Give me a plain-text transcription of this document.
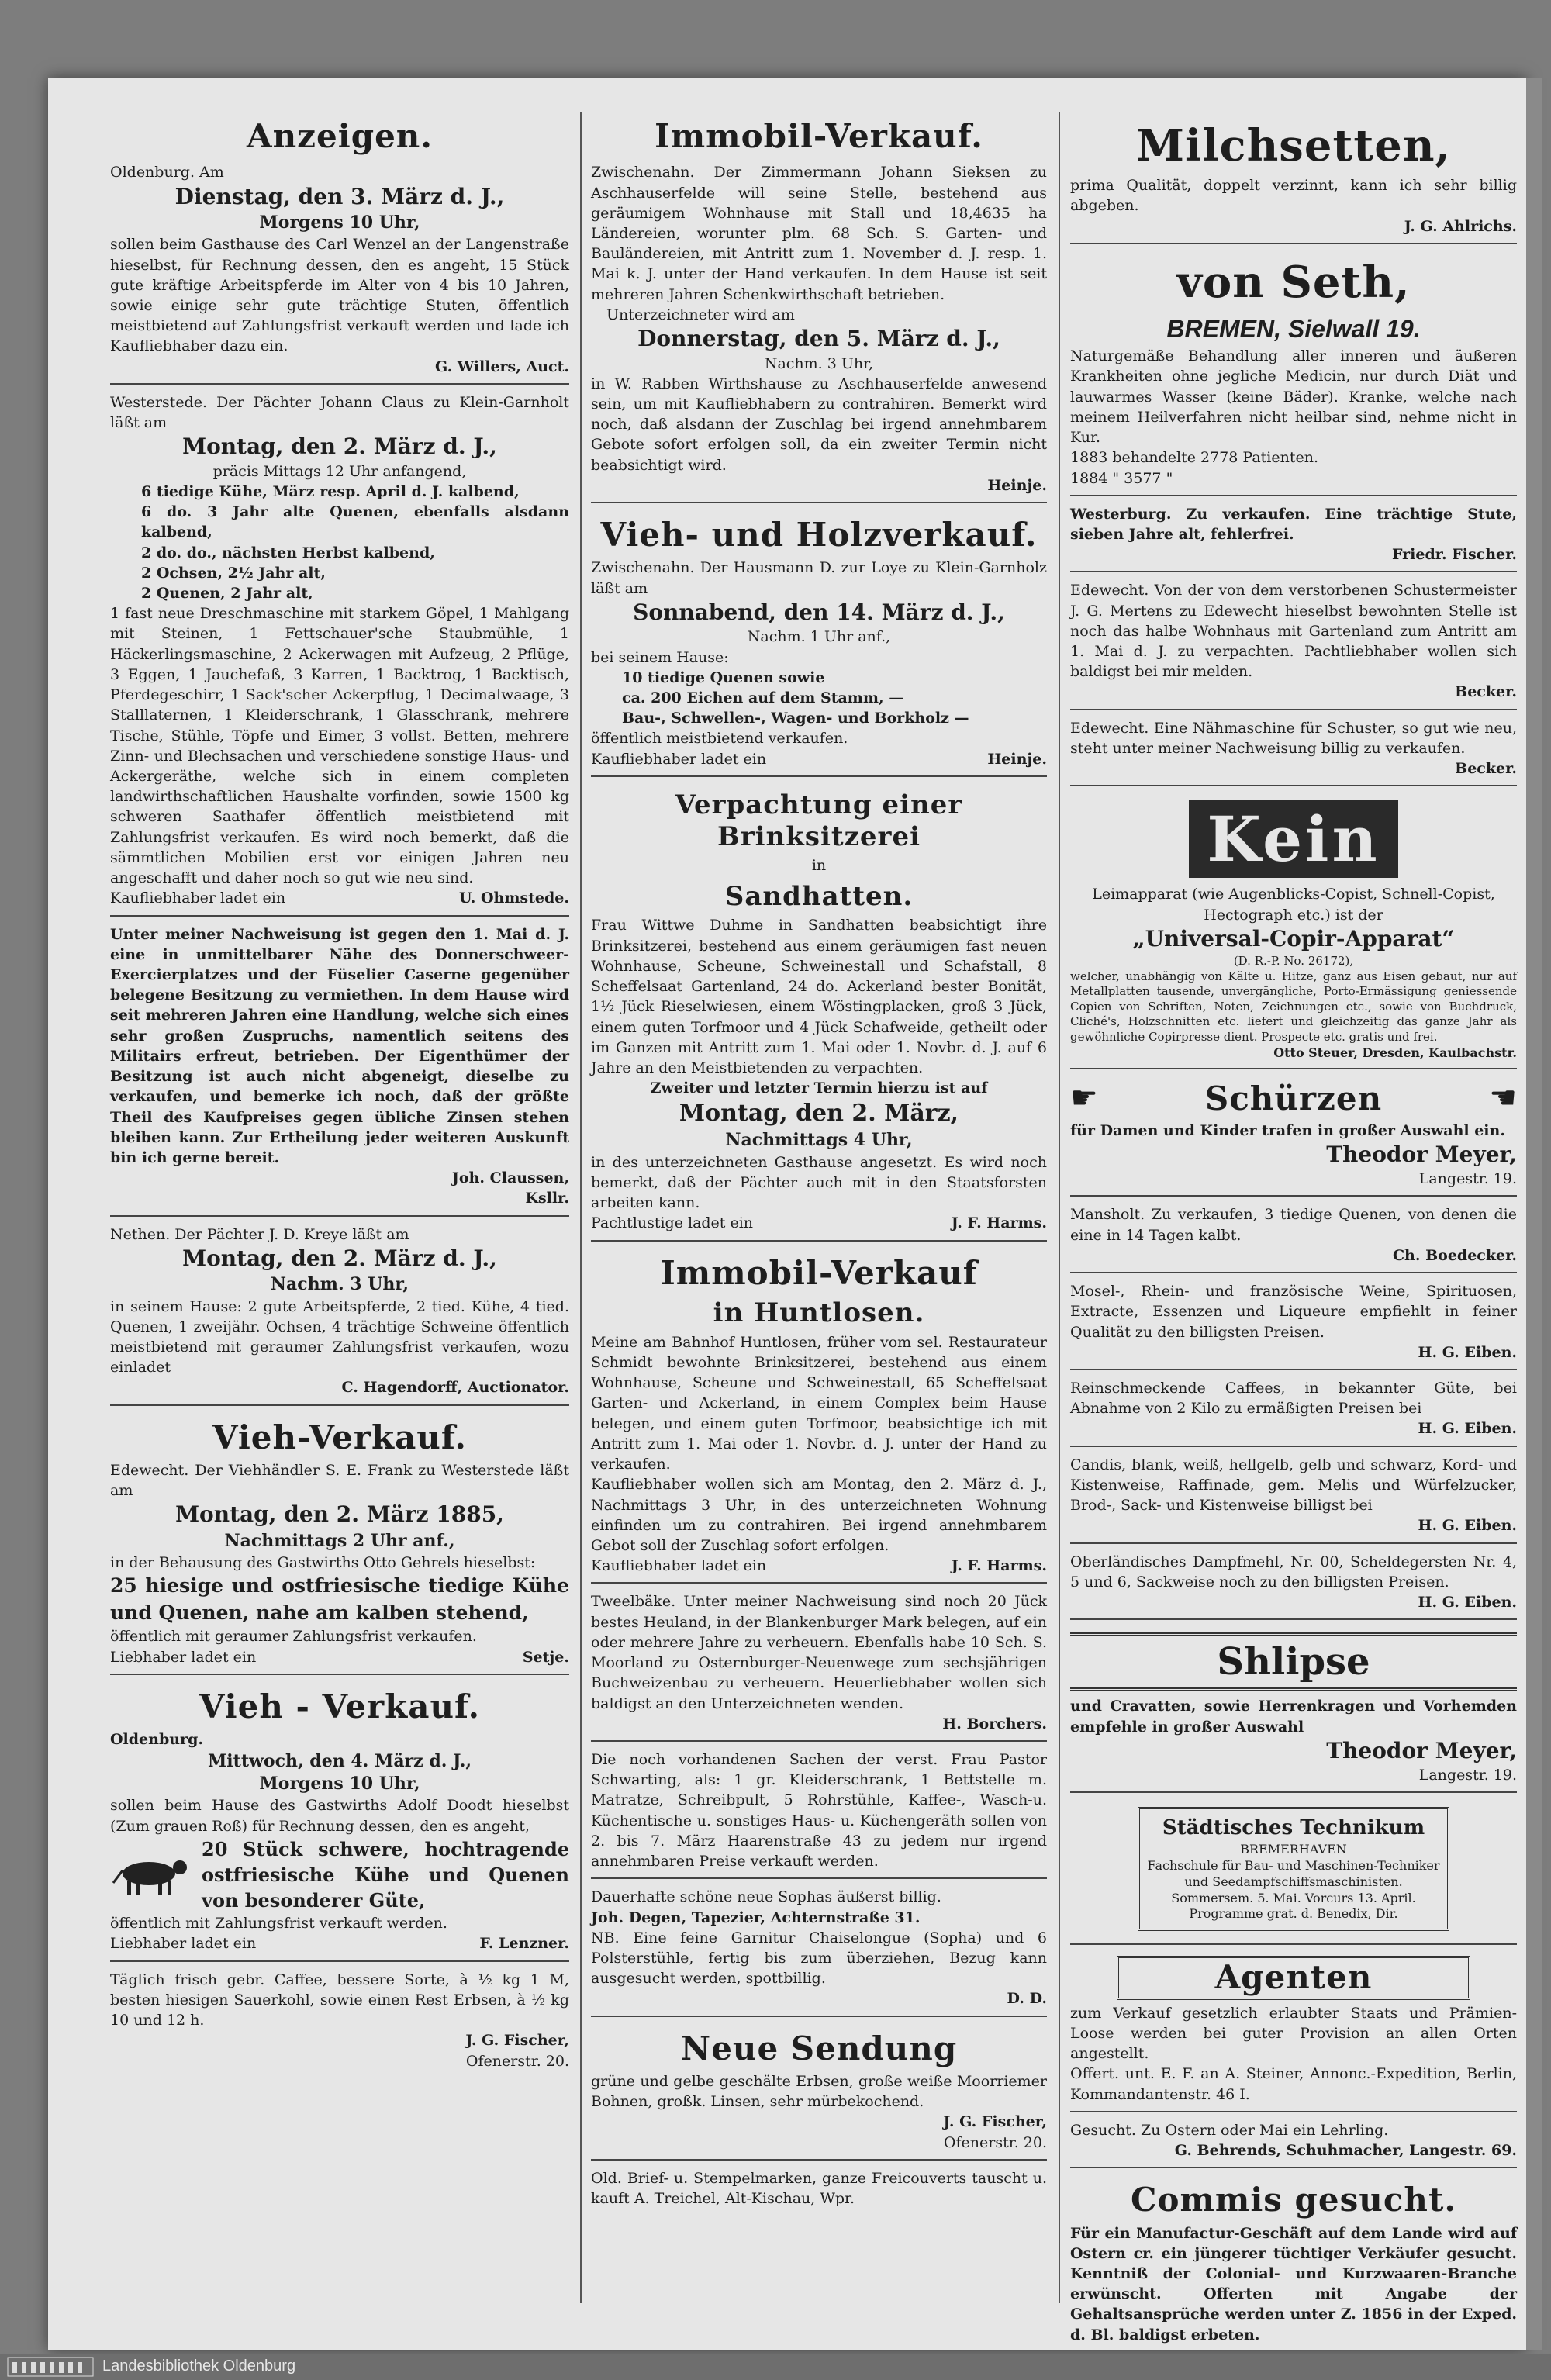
Anzeigen.
Oldenburg. Am
Dienstag, den 3. März d. J.,
Morgens 10 Uhr,
sollen beim Gasthause des Carl Wenzel an der Langenstraße hieselbst, für Rechnung dessen, den es angeht, 15 Stück gute kräftige Arbeitspferde im Alter von 4 bis 10 Jahren, sowie einige sehr gute trächtige Stuten, öffentlich meistbietend auf Zahlungsfrist verkauft werden und lade ich Kaufliebhaber dazu ein.
G. Willers, Auct.
Westerstede. Der Pächter Johann Claus zu Klein-Garnholt läßt am
Montag, den 2. März d. J.,
präcis Mittags 12 Uhr anfangend,
6 tiedige Kühe, März resp. April d. J. kalbend,
6 do. 3 Jahr alte Quenen, ebenfalls alsdann kalbend,
2 do. do., nächsten Herbst kalbend,
2 Ochsen, 2½ Jahr alt,
2 Quenen, 2 Jahr alt,
1 fast neue Dreschmaschine mit starkem Göpel, 1 Mahlgang mit Steinen, 1 Fettschauer'sche Staubmühle, 1 Häckerlingsmaschine, 2 Ackerwagen mit Aufzeug, 2 Pflüge, 3 Eggen, 1 Jauchefaß, 3 Karren, 1 Backtrog, 1 Backtisch, Pferdegeschirr, 1 Sack'scher Ackerpflug, 1 Decimalwaage, 3 Stalllaternen, 1 Kleiderschrank, 1 Glasschrank, mehrere Tische, Stühle, Töpfe und Eimer, 3 vollst. Betten, mehrere Zinn- und Blechsachen und verschiedene sonstige Haus- und Ackergeräthe, welche sich in einem completen landwirthschaftlichen Haushalte vorfinden, sowie 1500 kg schweren Saathafer öffentlich meistbietend mit Zahlungsfrist verkaufen. Es wird noch bemerkt, daß die sämmtlichen Mobilien erst vor einigen Jahren neu angeschafft und daher noch so gut wie neu sind.
Kaufliebhaber ladet ein	U. Ohmstede.
Unter meiner Nachweisung ist gegen den 1. Mai d. J. eine in unmittelbarer Nähe des Donnerschweer-Exercierplatzes und der Füselier Caserne gegenüber belegene Besitzung zu vermiethen. In dem Hause wird seit mehreren Jahren eine Handlung, welche sich eines sehr großen Zuspruchs, namentlich seitens des Militairs erfreut, betrieben. Der Eigenthümer der Besitzung ist auch nicht abgeneigt, dieselbe zu verkaufen, und bemerke ich noch, daß der größte Theil des Kaufpreises gegen übliche Zinsen stehen bleiben kann. Zur Ertheilung jeder weiteren Auskunft bin ich gerne bereit.
Joh. Claussen,
Ksllr.
Nethen. Der Pächter J. D. Kreye läßt am
Montag, den 2. März d. J.,
Nachm. 3 Uhr,
in seinem Hause: 2 gute Arbeitspferde, 2 tied. Kühe, 4 tied. Quenen, 1 zweijähr. Ochsen, 4 trächtige Schweine öffentlich meistbietend mit geraumer Zahlungsfrist verkaufen, wozu einladet
C. Hagendorff, Auctionator.
Vieh-Verkauf.
Edewecht. Der Viehhändler S. E. Frank zu Westerstede läßt am
Montag, den 2. März 1885,
Nachmittags 2 Uhr anf.,
in der Behausung des Gastwirths Otto Gehrels hieselbst:
25 hiesige und ostfriesische tiedige Kühe und Quenen, nahe am kalben stehend,
öffentlich mit geraumer Zahlungsfrist verkaufen.
Liebhaber ladet ein	Setje.
Vieh - Verkauf.
Oldenburg.
Mittwoch, den 4. März d. J.,
Morgens 10 Uhr,
sollen beim Hause des Gastwirths Adolf Doodt hieselbst (Zum grauen Roß) für Rechnung dessen, den es angeht,
20 Stück schwere, hochtragende ostfriesische Kühe und Quenen von besonderer Güte,
öffentlich mit Zahlungsfrist verkauft werden.
Liebhaber ladet ein	F. Lenzner.
Täglich frisch gebr. Caffee, bessere Sorte, à ½ kg 1 M, besten hiesigen Sauerkohl, sowie einen Rest Erbsen, à ½ kg 10 und 12 h.
J. G. Fischer,
Ofenerstr. 20.
Immobil-Verkauf.
Zwischenahn. Der Zimmermann Johann Sieksen zu Aschhauserfelde will seine Stelle, bestehend aus geräumigem Wohnhause mit Stall und 18,4635 ha Ländereien, worunter plm. 68 Sch. S. Garten- und Bauländereien, mit Antritt zum 1. November d. J. resp. 1. Mai k. J. unter der Hand verkaufen. In dem Hause ist seit mehreren Jahren Schenkwirthschaft betrieben.
Unterzeichneter wird am
Donnerstag, den 5. März d. J.,
Nachm. 3 Uhr,
in W. Rabben Wirthshause zu Aschhauserfelde anwesend sein, um mit Kaufliebhabern zu contrahiren. Bemerkt wird noch, daß alsdann der Zuschlag bei irgend annehmbarem Gebote sofort erfolgen soll, da ein zweiter Termin nicht beabsichtigt wird.
Heinje.
Vieh- und Holzverkauf.
Zwischenahn. Der Hausmann D. zur Loye zu Klein-Garnholz läßt am
Sonnabend, den 14. März d. J.,
Nachm. 1 Uhr anf.,
bei seinem Hause:
10 tiedige Quenen sowie
ca. 200 Eichen auf dem Stamm, —
Bau-, Schwellen-, Wagen- und Borkholz —
öffentlich meistbietend verkaufen.
Kaufliebhaber ladet ein	Heinje.
Verpachtung einer Brinksitzerei
in
Sandhatten.
Frau Wittwe Duhme in Sandhatten beabsichtigt ihre Brinksitzerei, bestehend aus einem geräumigen fast neuen Wohnhause, Scheune, Schweinestall und Schafstall, 8 Scheffelsaat Gartenland, 24 do. Ackerland bester Bonität, 1½ Jück Rieselwiesen, einem Wöstingplacken, groß 3 Jück, einem guten Torfmoor und 4 Jück Schafweide, getheilt oder im Ganzen mit Antritt zum 1. Mai oder 1. Novbr. d. J. auf 6 Jahre an den Meistbietenden zu verpachten.
Zweiter und letzter Termin hierzu ist auf
Montag, den 2. März,
Nachmittags 4 Uhr,
in des unterzeichneten Gasthause angesetzt. Es wird noch bemerkt, daß der Pächter auch mit in den Staatsforsten arbeiten kann.
Pachtlustige ladet ein	J. F. Harms.
Immobil-Verkauf
in Huntlosen.
Meine am Bahnhof Huntlosen, früher vom sel. Restaurateur Schmidt bewohnte Brinksitzerei, bestehend aus einem Wohnhause, Scheune und Schweinestall, 65 Scheffelsaat Garten- und Ackerland, in einem Complex beim Hause belegen, und einem guten Torfmoor, beabsichtige ich mit Antritt zum 1. Mai oder 1. Novbr. d. J. unter der Hand zu verkaufen.
Kaufliebhaber wollen sich am Montag, den 2. März d. J., Nachmittags 3 Uhr, in des unterzeichneten Wohnung einfinden um zu contrahiren. Bei irgend annehmbarem Gebot soll der Zuschlag sofort erfolgen.
Kaufliebhaber ladet ein	J. F. Harms.
Tweelbäke. Unter meiner Nachweisung sind noch 20 Jück bestes Heuland, in der Blankenburger Mark belegen, auf ein oder mehrere Jahre zu verheuern. Ebenfalls habe 10 Sch. S. Moorland zu Osternburger-Neuenwege zum sechsjährigen Buchweizenbau zu verheuern. Heuerliebhaber wollen sich baldigst an den Unterzeichneten wenden.
H. Borchers.
Die noch vorhandenen Sachen der verst. Frau Pastor Schwarting, als: 1 gr. Kleiderschrank, 1 Bettstelle m. Matratze, Schreibpult, 5 Rohrstühle, Kaffee-, Wasch-u. Küchentische u. sonstiges Haus- u. Küchengeräth sollen von 2. bis 7. März Haarenstraße 43 zu jedem nur irgend annehmbaren Preise verkauft werden.
Dauerhafte schöne neue Sophas äußerst billig.
Joh. Degen, Tapezier, Achternstraße 31.
NB. Eine feine Garnitur Chaiselongue (Sopha) und 6 Polsterstühle, fertig bis zum überziehen, Bezug kann ausgesucht werden, spottbillig.
D. D.
Neue Sendung
grüne und gelbe geschälte Erbsen, große weiße Moorriemer Bohnen, großk. Linsen, sehr mürbekochend.
J. G. Fischer,
Ofenerstr. 20.
Old. Brief- u. Stempelmarken, ganze Freicouverts tauscht u. kauft A. Treichel, Alt-Kischau, Wpr.
Milchsetten,
prima Qualität, doppelt verzinnt, kann ich sehr billig abgeben.
J. G. Ahlrichs.
von Seth,
BREMEN, Sielwall 19.
Naturgemäße Behandlung aller inneren und äußeren Krankheiten ohne jegliche Medicin, nur durch Diät und lauwarmes Wasser (keine Bäder). Kranke, welche nach meinem Heilverfahren nicht heilbar sind, nehme nicht in Kur.
1883 behandelte 2778 Patienten.
1884 " 3577 "
Westerburg. Zu verkaufen. Eine trächtige Stute, sieben Jahre alt, fehlerfrei.
Friedr. Fischer.
Edewecht. Von der von dem verstorbenen Schustermeister J. G. Mertens zu Edewecht hieselbst bewohnten Stelle ist noch das halbe Wohnhaus mit Gartenland zum Antritt am 1. Mai d. J. zu verpachten. Pachtliebhaber wollen sich baldigst bei mir melden.
Becker.
Edewecht. Eine Nähmaschine für Schuster, so gut wie neu, steht unter meiner Nachweisung billig zu verkaufen.
Becker.
Kein
Leimapparat (wie Augenblicks-Copist, Schnell-Copist, Hectograph etc.) ist der
„Universal-Copir-Apparat“
(D. R.-P. No. 26172),
welcher, unabhängig von Kälte u. Hitze, ganz aus Eisen gebaut, nur auf Metallplatten tausende, unvergängliche, Porto-Ermässigung geniessende Copien von Schriften, Noten, Zeichnungen etc., sowie von Buchdruck, Cliché's, Holzschnitten etc. liefert und gleichzeitig das ganze Jahr als gewöhnliche Copirpresse dient. Prospecte etc. gratis und frei.
Otto Steuer, Dresden, Kaulbachstr.
☛	Schürzen	☚
für Damen und Kinder trafen in großer Auswahl ein.
Theodor Meyer,
Langestr. 19.
Mansholt. Zu verkaufen, 3 tiedige Quenen, von denen die eine in 14 Tagen kalbt.
Ch. Boedecker.
Mosel-, Rhein- und französische Weine, Spirituosen, Extracte, Essenzen und Liqueure empfiehlt in feiner Qualität zu den billigsten Preisen.
H. G. Eiben.
Reinschmeckende Caffees, in bekannter Güte, bei Abnahme von 2 Kilo zu ermäßigten Preisen bei
H. G. Eiben.
Candis, blank, weiß, hellgelb, gelb und schwarz, Kord- und Kistenweise, Raffinade, gem. Melis und Würfelzucker, Brod-, Sack- und Kistenweise billigst bei
H. G. Eiben.
Oberländisches Dampfmehl, Nr. 00, Scheldegersten Nr. 4, 5 und 6, Sackweise noch zu den billigsten Preisen.
H. G. Eiben.
Shlipse
und Cravatten, sowie Herrenkragen und Vorhemden empfehle in großer Auswahl
Theodor Meyer,
Langestr. 19.
Städtisches Technikum
BREMERHAVEN
Fachschule für Bau- und Maschinen-Techniker und Seedampfschiffsmaschinisten.
Sommersem. 5. Mai. Vorcurs 13. April.
Programme grat. d. Benedix, Dir.
Agenten
zum Verkauf gesetzlich erlaubter Staats und Prämien-Loose werden bei guter Provision an allen Orten angestellt.
Offert. unt. E. F. an A. Steiner, Annonc.-Expedition, Berlin, Kommandantenstr. 46 I.
Gesucht. Zu Ostern oder Mai ein Lehrling.
G. Behrends, Schuhmacher, Langestr. 69.
Commis gesucht.
Für ein Manufactur-Geschäft auf dem Lande wird auf Ostern cr. ein jüngerer tüchtiger Verkäufer gesucht. Kenntniß der Colonial- und Kurzwaaren-Branche erwünscht. Offerten mit Angabe der Gehaltsansprüche werden unter Z. 1856 in der Exped. d. Bl. baldigst erbeten.
Landesbibliothek Oldenburg
